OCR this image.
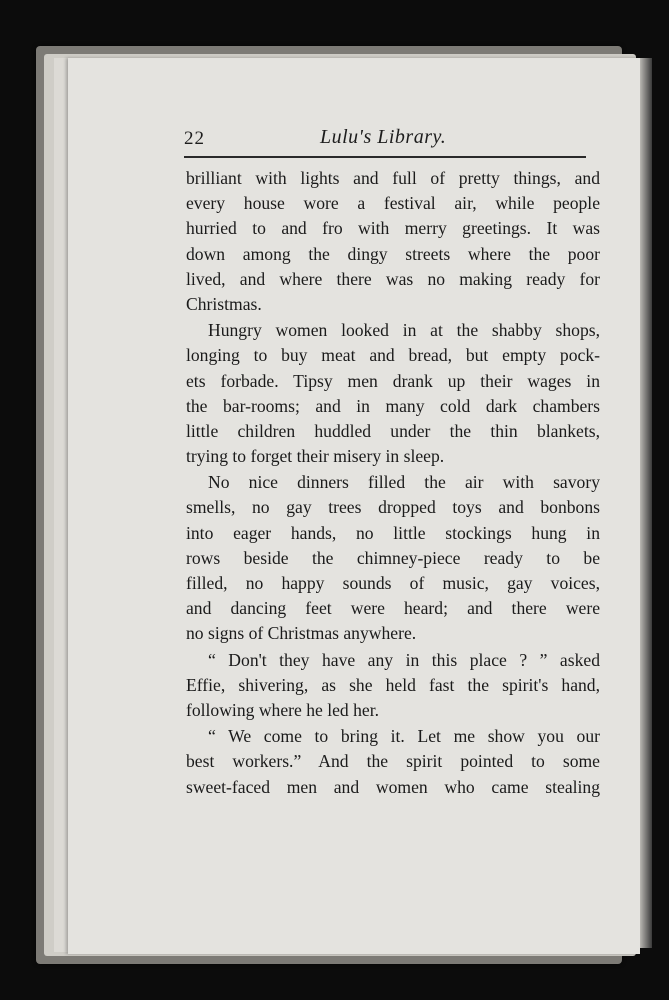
22	Lulu's Library.
brilliant with lights and full of pretty things, and
every house wore a festival air, while people
hurried to and fro with merry greetings. It was
down among the dingy streets where the poor
lived, and where there was no making ready for
Christmas.
Hungry women looked in at the shabby shops,
longing to buy meat and bread, but empty pock-
ets forbade. Tipsy men drank up their wages in
the bar-rooms; and in many cold dark chambers
little children huddled under the thin blankets,
trying to forget their misery in sleep.
No nice dinners filled the air with savory
smells, no gay trees dropped toys and bonbons
into eager hands, no little stockings hung in
rows beside the chimney-piece ready to be
filled, no happy sounds of music, gay voices,
and dancing feet were heard; and there were
no signs of Christmas anywhere.
“ Don't they have any in this place ? ” asked
Effie, shivering, as she held fast the spirit's hand,
following where he led her.
“ We come to bring it. Let me show you our
best workers.” And the spirit pointed to some
sweet-faced men and women who came stealing
